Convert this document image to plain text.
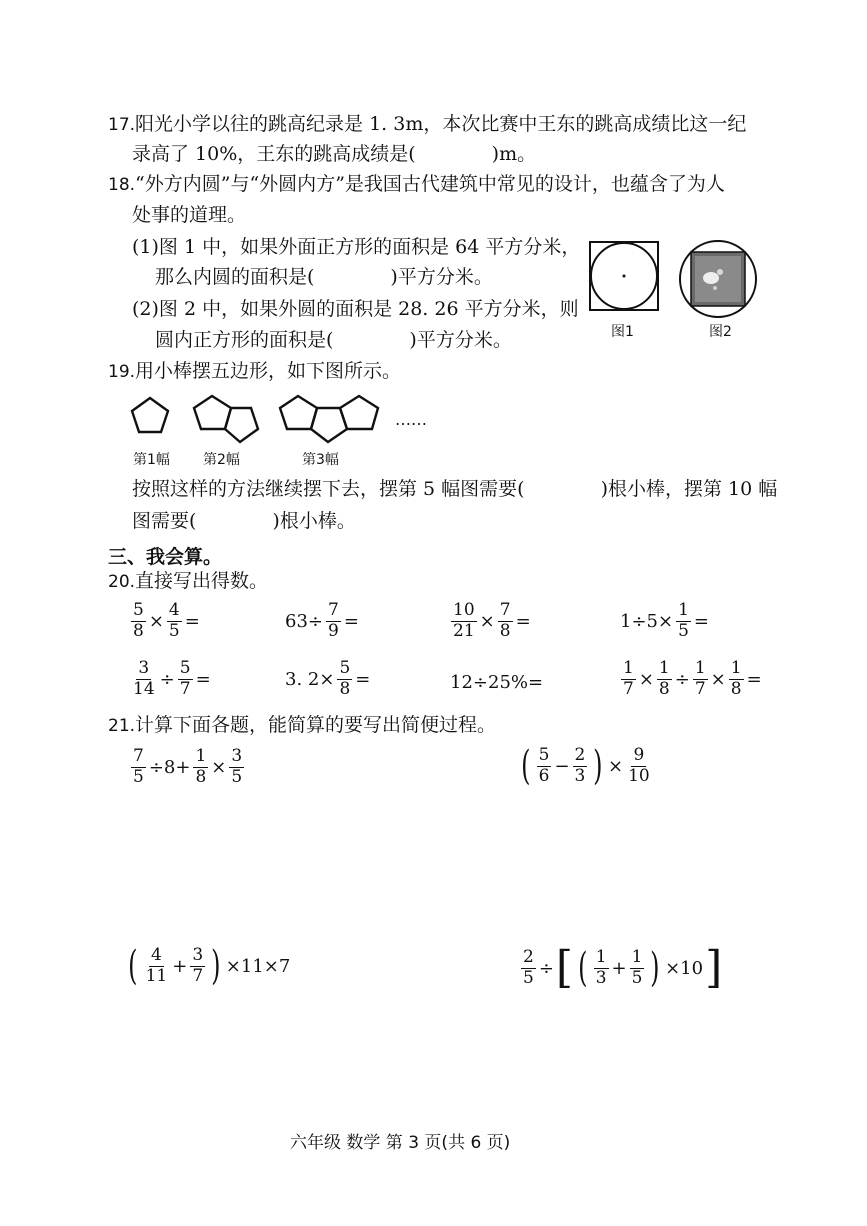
17.阳光小学以往的跳高纪录是 1. 3m，本次比赛中王东的跳高成绩比这一纪
录高了 10%，王东的跳高成绩是(　　　　)m。
18.“外方内圆”与“外圆内方”是我国古代建筑中常见的设计，也蕴含了为人
处事的道理。
(1)图 1 中，如果外面正方形的面积是 64 平方分米，
那么内圆的面积是(　　　　)平方分米。
(2)图 2 中，如果外圆的面积是 28. 26 平方分米，则
圆内正方形的面积是(　　　　)平方分米。	图1	图2
19.用小棒摆五边形，如下图所示。
……
第1幅 第2幅	第3幅
按照这样的方法继续摆下去，摆第 5 幅图需要(　　　　)根小棒，摆第 10 幅
图需要(　　　　)根小棒。
三、我会算。
20.直接写出得数。
$\frac{5}{8} \times \frac{4}{5}$ =	$63\div \frac{7}{9}$ =	$\frac{10}{21} \times \frac{7}{8}$ =	$1\div 5\times \frac{1}{5}$ =
$\frac{3}{14} \div \frac{5}{7}$ =	3. $2\times \frac{5}{8}$ =	12÷25%=	$\frac{1}{7} \times \frac{1}{8} \div \frac{1}{7} \times \frac{1}{8}$ =
21.计算下面各题，能简算的要写出简便过程。
$\frac{7}{5} \div 8+ \frac{1}{8} \times \frac{3}{5}$	( $\frac{5}{6} - \frac{2}{3}$ ) × $\frac{9}{10}$
( $\frac{4}{11} + \frac{3}{7}$ ) ×11×7	$\frac{2}{5}$ ÷ [ ( $\frac{1}{3} + \frac{1}{5}$ ) ×10 ]
六年级 数学 第 3 页(共 6 页)
